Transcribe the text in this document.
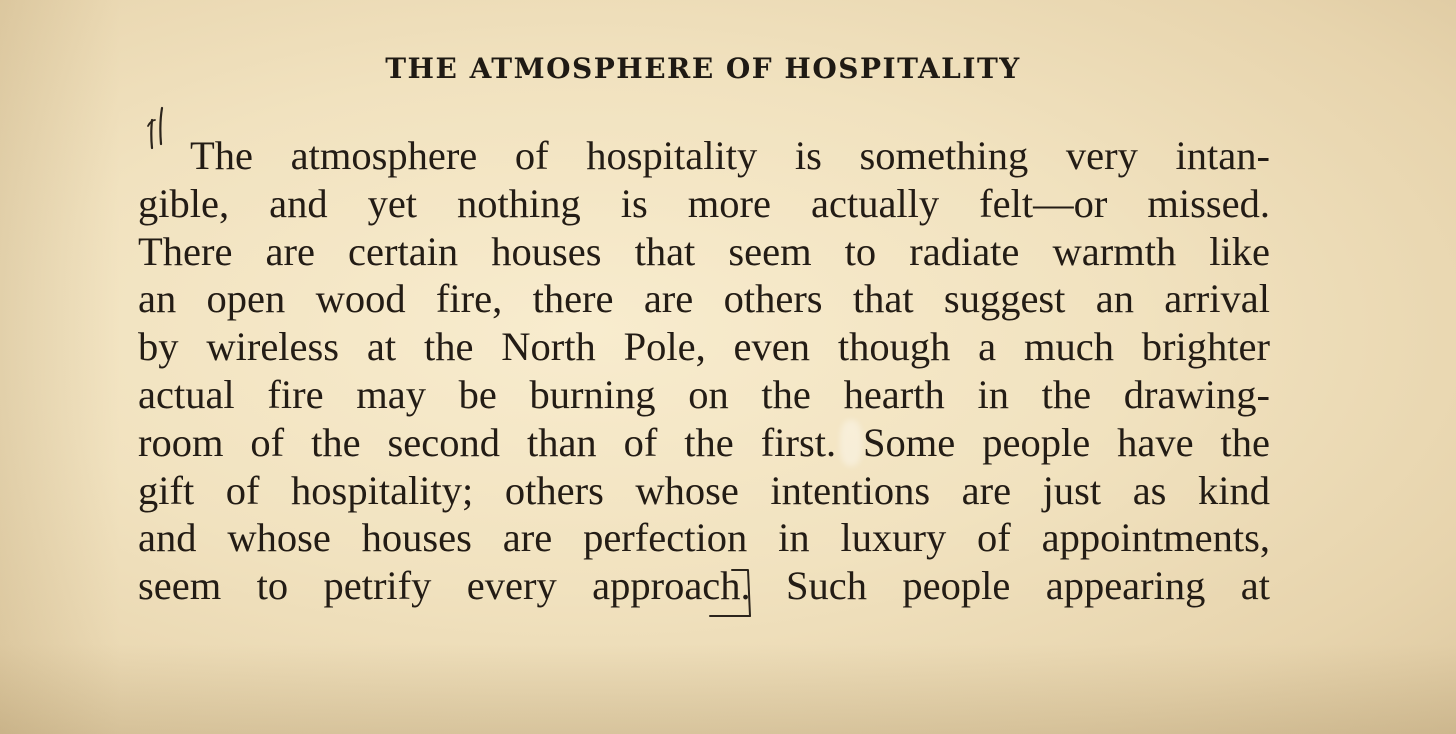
THE ATMOSPHERE OF HOSPITALITY
The atmosphere of hospitality is something very intan-
gible, and yet nothing is more actually felt—or missed.
There are certain houses that seem to radiate warmth like
an open wood fire, there are others that suggest an arrival
by wireless at the North Pole, even though a much brighter
actual fire may be burning on the hearth in the drawing-
room of the second than of the first. Some people have the
gift of hospitality; others whose intentions are just as kind
and whose houses are perfection in luxury of appointments,
seem to petrify every approach. Such people appearing at
